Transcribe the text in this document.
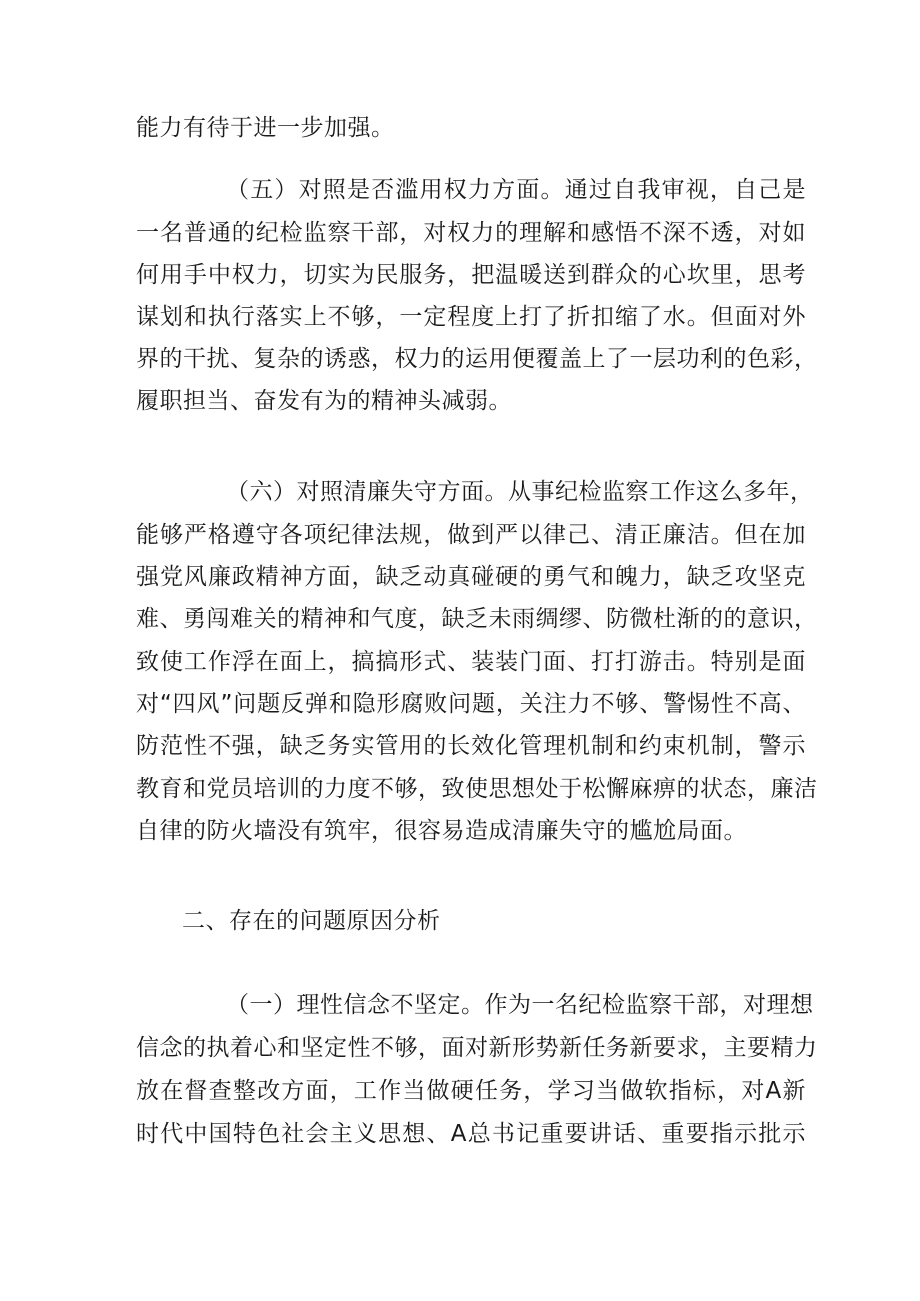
能力有待于进一步加强。
（五）对照是否滥用权力方面。通过自我审视，自己是
一名普通的纪检监察干部，对权力的理解和感悟不深不透，对如
何用手中权力，切实为民服务，把温暖送到群众的心坎里，思考
谋划和执行落实上不够，一定程度上打了折扣缩了水。但面对外
界的干扰、复杂的诱惑，权力的运用便覆盖上了一层功利的色彩，
履职担当、奋发有为的精神头减弱。
（六）对照清廉失守方面。从事纪检监察工作这么多年，
能够严格遵守各项纪律法规，做到严以律己、清正廉洁。但在加
强党风廉政精神方面，缺乏动真碰硬的勇气和魄力，缺乏攻坚克
难、勇闯难关的精神和气度，缺乏未雨绸缪、防微杜渐的的意识，
致使工作浮在面上，搞搞形式、装装门面、打打游击。特别是面
对“四风”问题反弹和隐形腐败问题，关注力不够、警惕性不高、
防范性不强，缺乏务实管用的长效化管理机制和约束机制，警示
教育和党员培训的力度不够，致使思想处于松懈麻痹的状态，廉洁
自律的防火墙没有筑牢，很容易造成清廉失守的尴尬局面。
二、存在的问题原因分析
（一）理性信念不坚定。作为一名纪检监察干部，对理想
信念的执着心和坚定性不够，面对新形势新任务新要求，主要精力
放在督查整改方面，工作当做硬任务，学习当做软指标，对A新
时代中国特色社会主义思想、A总书记重要讲话、重要指示批示
